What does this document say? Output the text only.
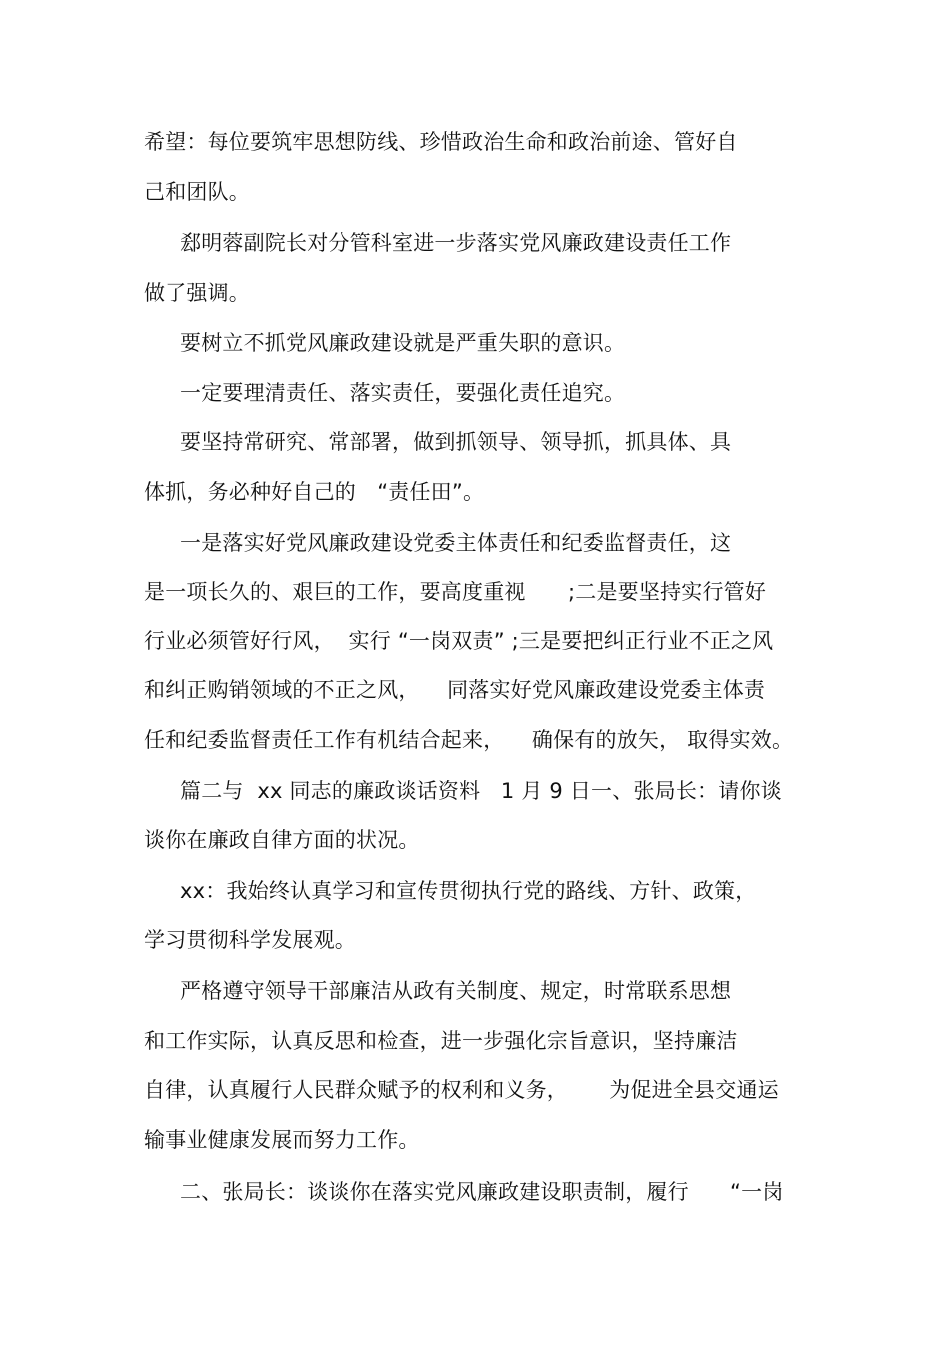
希望：每位要筑牢思想防线、珍惜政治生命和政治前途、管好自
己和团队。
郄明蓉副院长对分管科室进一步落实党风廉政建设责任工作
做了强调。
要树立不抓党风廉政建设就是严重失职的意识。
一定要理清责任、落实责任，要强化责任追究。
要坚持常研究、常部署，做到抓领导、领导抓，抓具体、具
体抓，务必种好自己的　“责任田”。
一是落实好党风廉政建设党委主体责任和纪委监督责任，这
是一项长久的、艰巨的工作，要高度重视　　;二是要坚持实行管好
行业必须管好行风，  实行 “一岗双责” ;三是要把纠正行业不正之风
和纠正购销领域的不正之风，    同落实好党风廉政建设党委主体责
任和纪委监督责任工作有机结合起来，    确保有的放矢， 取得实效。
篇二与  xx 同志的廉政谈话资料   1 月 9 日一、张局长：请你谈
谈你在廉政自律方面的状况。
xx：我始终认真学习和宣传贯彻执行党的路线、方针、政策，
学习贯彻科学发展观。
严格遵守领导干部廉洁从政有关制度、规定，时常联系思想
和工作实际，认真反思和检查，进一步强化宗旨意识，坚持廉洁
自律，认真履行人民群众赋予的权利和义务，      为促进全县交通运
输事业健康发展而努力工作。
二、张局长：谈谈你在落实党风廉政建设职责制，履行      “一岗
